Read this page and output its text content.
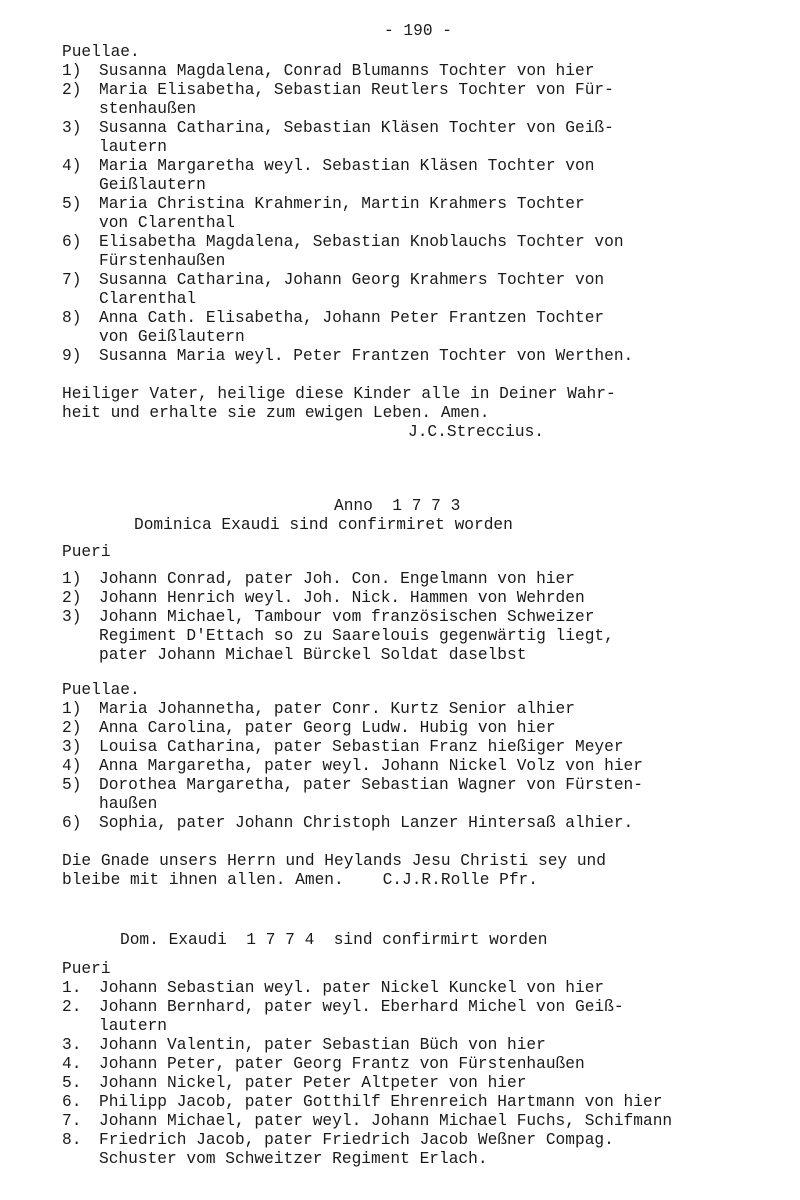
- 190 -
Puellae.
1)	Susanna Magdalena, Conrad Blumanns Tochter von hier
2)	Maria Elisabetha, Sebastian Reutlers Tochter von Für-
stenhaußen
3)	Susanna Catharina, Sebastian Kläsen Tochter von Geiß-
lautern
4)	Maria Margaretha weyl. Sebastian Kläsen Tochter von
Geißlautern
5)	Maria Christina Krahmerin, Martin Krahmers Tochter
von Clarenthal
6)	Elisabetha Magdalena, Sebastian Knoblauchs Tochter von
Fürstenhaußen
7)	Susanna Catharina, Johann Georg Krahmers Tochter von
Clarenthal
8)	Anna Cath. Elisabetha, Johann Peter Frantzen Tochter
von Geißlautern
9)	Susanna Maria weyl. Peter Frantzen Tochter von Werthen.
Heiliger Vater, heilige diese Kinder alle in Deiner Wahr-
heit und erhalte sie zum ewigen Leben. Amen.
J.C.Streccius.
Anno  1 7 7 3
Dominica Exaudi sind confirmiret worden
Pueri
1)	Johann Conrad, pater Joh. Con. Engelmann von hier
2)	Johann Henrich weyl. Joh. Nick. Hammen von Wehrden
3)	Johann Michael, Tambour vom französischen Schweizer
Regiment D'Ettach so zu Saarelouis gegenwärtig liegt,
pater Johann Michael Bürckel Soldat daselbst
Puellae.
1)	Maria Johannetha, pater Conr. Kurtz Senior alhier
2)	Anna Carolina, pater Georg Ludw. Hubig von hier
3)	Louisa Catharina, pater Sebastian Franz hießiger Meyer
4)	Anna Margaretha, pater weyl. Johann Nickel Volz von hier
5)	Dorothea Margaretha, pater Sebastian Wagner von Fürsten-
haußen
6)	Sophia, pater Johann Christoph Lanzer Hintersaß alhier.
Die Gnade unsers Herrn und Heylands Jesu Christi sey und
bleibe mit ihnen allen. Amen.    C.J.R.Rolle Pfr.
Dom. Exaudi  1 7 7 4  sind confirmirt worden
Pueri
1.	Johann Sebastian weyl. pater Nickel Kunckel von hier
2.	Johann Bernhard, pater weyl. Eberhard Michel von Geiß-
lautern
3.	Johann Valentin, pater Sebastian Büch von hier
4.	Johann Peter, pater Georg Frantz von Fürstenhaußen
5.	Johann Nickel, pater Peter Altpeter von hier
6.	Philipp Jacob, pater Gotthilf Ehrenreich Hartmann von hier
7.	Johann Michael, pater weyl. Johann Michael Fuchs, Schifmann
8.	Friedrich Jacob, pater Friedrich Jacob Weßner Compag.
Schuster vom Schweitzer Regiment Erlach.
